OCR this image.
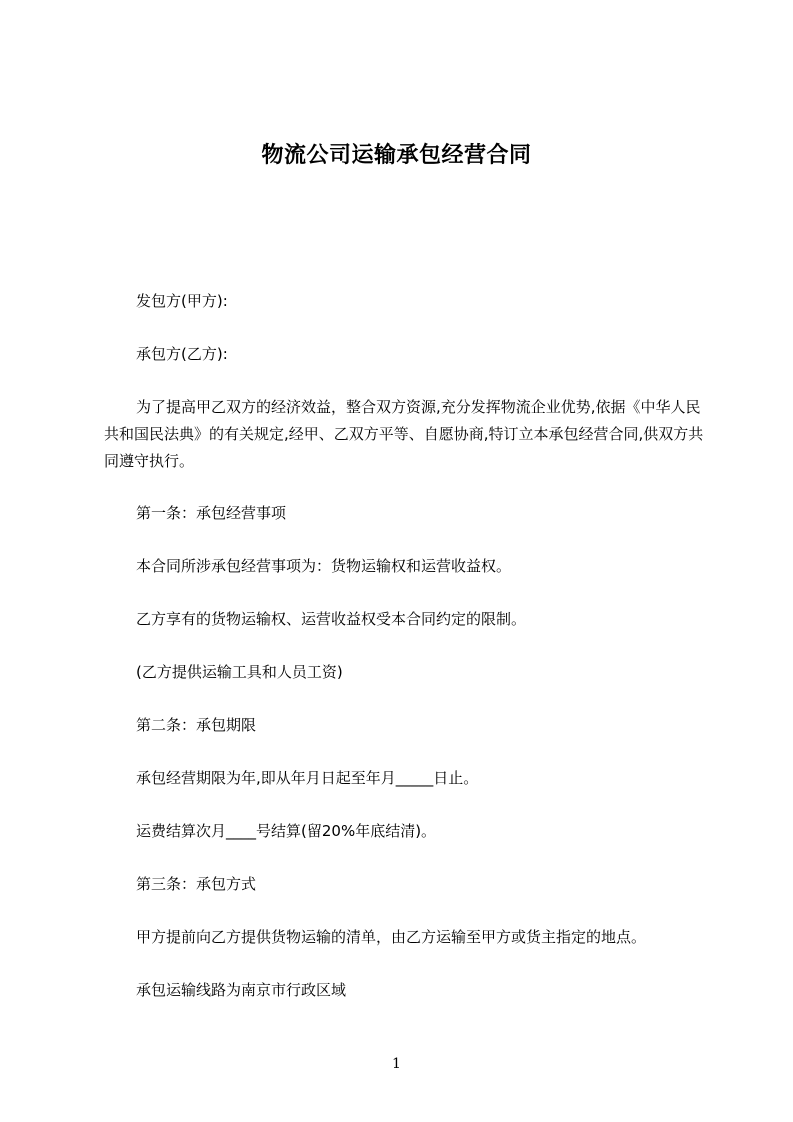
物流公司运输承包经营合同
发包方(甲方):
承包方(乙方):
为了提高甲乙双方的经济效益，整合双方资源,充分发挥物流企业优势,依据《中华人民共和国民法典》的有关规定,经甲、乙双方平等、自愿协商,特订立本承包经营合同,供双方共同遵守执行。
第一条：承包经营事项
本合同所涉承包经营事项为：货物运输权和运营收益权。
乙方享有的货物运输权、运营收益权受本合同约定的限制。
(乙方提供运输工具和人员工资)
第二条：承包期限
承包经营期限为年,即从年月日起至年月_____日止。
运费结算次月____号结算(留20%年底结清)。
第三条：承包方式
甲方提前向乙方提供货物运输的清单，由乙方运输至甲方或货主指定的地点。
承包运输线路为南京市行政区域
1
